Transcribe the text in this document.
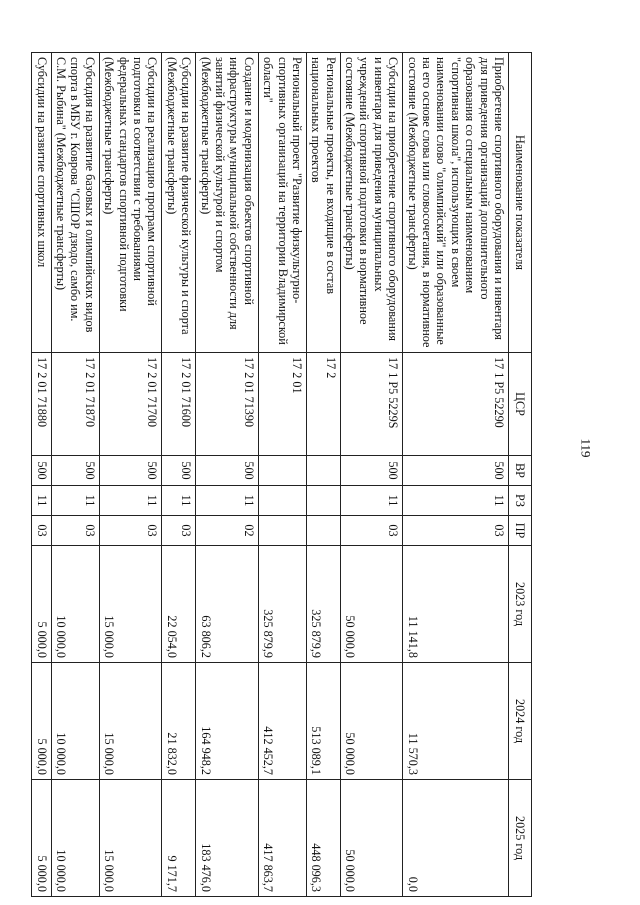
119
Наименование показателя	ЦСР	ВР	РЗ	ПР	2023 год	2024 год	2025 год
Приобретение спортивного оборудования и инвентаря для приведения организаций дополнительного образования со специальным наименованием "спортивная школа", использующих в своем наименовании слово "олимпийский" или образованные на его основе слова или словосочетания, в нормативное состояние (Межбюджетные трансферты)	17 1 Р5 52290	500	11	03	11 141,8	11 570,3	0,0
Субсидии на приобретение спортивного оборудования и инвентаря для приведения муниципальных учреждений спортивной подготовки в нормативное состояние (Межбюджетные трансферты)	17 1 Р5 5229S	500	11	03	50 000,0	50 000,0	50 000,0
Региональные проекты, не входящие в состав национальных проектов	17 2				325 879,9	513 089,1	448 096,3
Региональный проект "Развитие физкультурно-спортивных организаций на территории Владимирской области"	17 2 01				325 879,9	412 452,7	417 863,7
Создание и модернизация объектов спортивной инфраструктуры муниципальной собственности для занятий физической культурой и спортом (Межбюджетные трансферты)	17 2 01 71390	500	11	02	63 806,2	164 948,2	183 476,0
Субсидии на развитие физической культуры и спорта (Межбюджетные трансферты)	17 2 01 71600	500	11	03	22 054,0	21 832,0	9 171,7
Субсидии на реализацию программ спортивной подготовки в соответствии с требованиями федеральных стандартов спортивной подготовки (Межбюджетные трансферты)	17 2 01 71700	500	11	03	15 000,0	15 000,0	15 000,0
Субсидия на развитие базовых и олимпийских видов спорта в МБУ г. Коврова "СШОР дзюдо, самбо им. С.М. Рыбина" (Межбюджетные трансферты)	17 2 01 71870	500	11	03	10 000,0	10 000,0	10 000,0
Субсидии на развитие спортивных школ	17 2 01 71880	500	11	03	5 000,0	5 000,0	5 000,0
